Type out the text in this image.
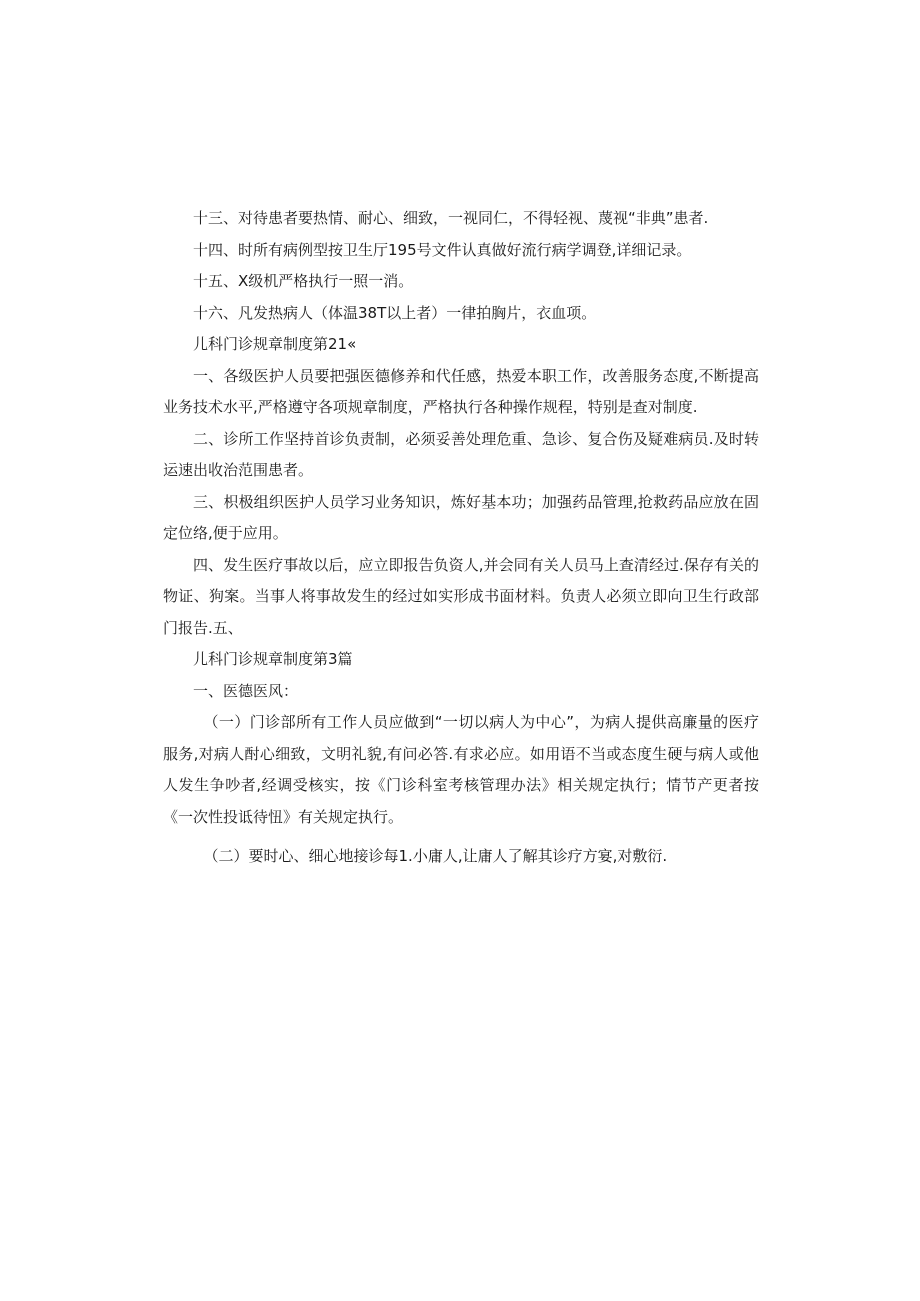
十三、对待患者要热情、耐心、细致，一视同仁，不得轻视、蔑视“非典”患者.

十四、时所有病例型按卫生厅195号文件认真做好流行病学调登,详细记录。

十五、X级机严格执行一照一消。

十六、凡发热病人（体温38T以上者）一律拍胸片，衣血项。

儿科门诊规章制度第21«

一、各级医护人员要把强医德修养和代任感，热爱本职工作，改善服务态度,不断提高业务技术水平,严格遵守各项规章制度，严格执行各种操作规程，特别是查对制度.

二、诊所工作坚持首诊负责制，必须妥善处理危重、急诊、复合伤及疑难病员.及时转运速出收治范围患者。

三、枳极组织医护人员学习业务知识，炼好基本功；加强药品管理,抢救药品应放在固定位络,便于应用。

四、发生医疗事故以后，应立即报告负资人,并会同有关人员马上查清经过.保存有关的物证、狗案。当事人将事故发生的经过如实形成书面材料。负责人必须立即向卫生行政部门报告.五、

儿科门诊规章制度第3篇

一、医德医风：

（一）门诊部所有工作人员应做到“一切以病人为中心”，为病人提供高廉量的医疗服务,对病人酎心细致，文明礼貌,有问必答.有求必应。如用语不当或态度生硬与病人或他人发生争吵者,经调受核实，按《门诊科室考核管理办法》相关规定执行；情节产更者按《一次性投诋待忸》有关规定执行。

（二）要时心、细心地接诊每1.小庸人,让庸人了解其诊疗方宴,对敷衍.
